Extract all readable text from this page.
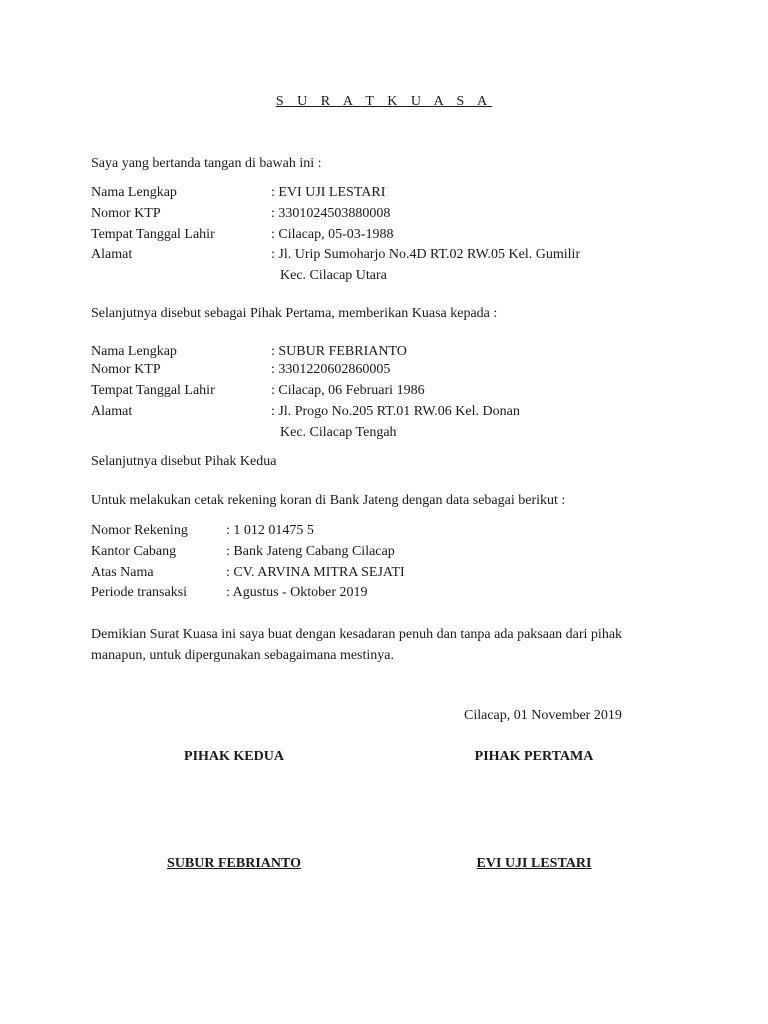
S U R A T K U A S A
Saya yang bertanda tangan di bawah ini :
Nama Lengkap	: EVI UJI LESTARI
Nomor KTP	: 3301024503880008
Tempat Tanggal Lahir	: Cilacap, 05-03-1988
Alamat	: Jl. Urip Sumoharjo No.4D RT.02 RW.05 Kel. Gumilir
Kec. Cilacap Utara
Selanjutnya disebut sebagai Pihak Pertama, memberikan Kuasa kepada :
Nama Lengkap	: SUBUR FEBRIANTO
Nomor KTP	: 3301220602860005
Tempat Tanggal Lahir	: Cilacap, 06 Februari 1986
Alamat	: Jl. Progo No.205 RT.01 RW.06 Kel. Donan
Kec. Cilacap Tengah
Selanjutnya disebut Pihak Kedua
Untuk melakukan cetak rekening koran di Bank Jateng dengan data sebagai berikut :
Nomor Rekening	: 1 012 01475 5
Kantor Cabang	: Bank Jateng Cabang Cilacap
Atas Nama	: CV. ARVINA MITRA SEJATI
Periode transaksi	: Agustus - Oktober 2019
Demikian Surat Kuasa ini saya buat dengan kesadaran penuh dan tanpa ada paksaan dari pihak
manapun, untuk dipergunakan sebagaimana mestinya.
Cilacap, 01 November 2019
PIHAK KEDUA	PIHAK PERTAMA
SUBUR FEBRIANTO	EVI UJI LESTARI
